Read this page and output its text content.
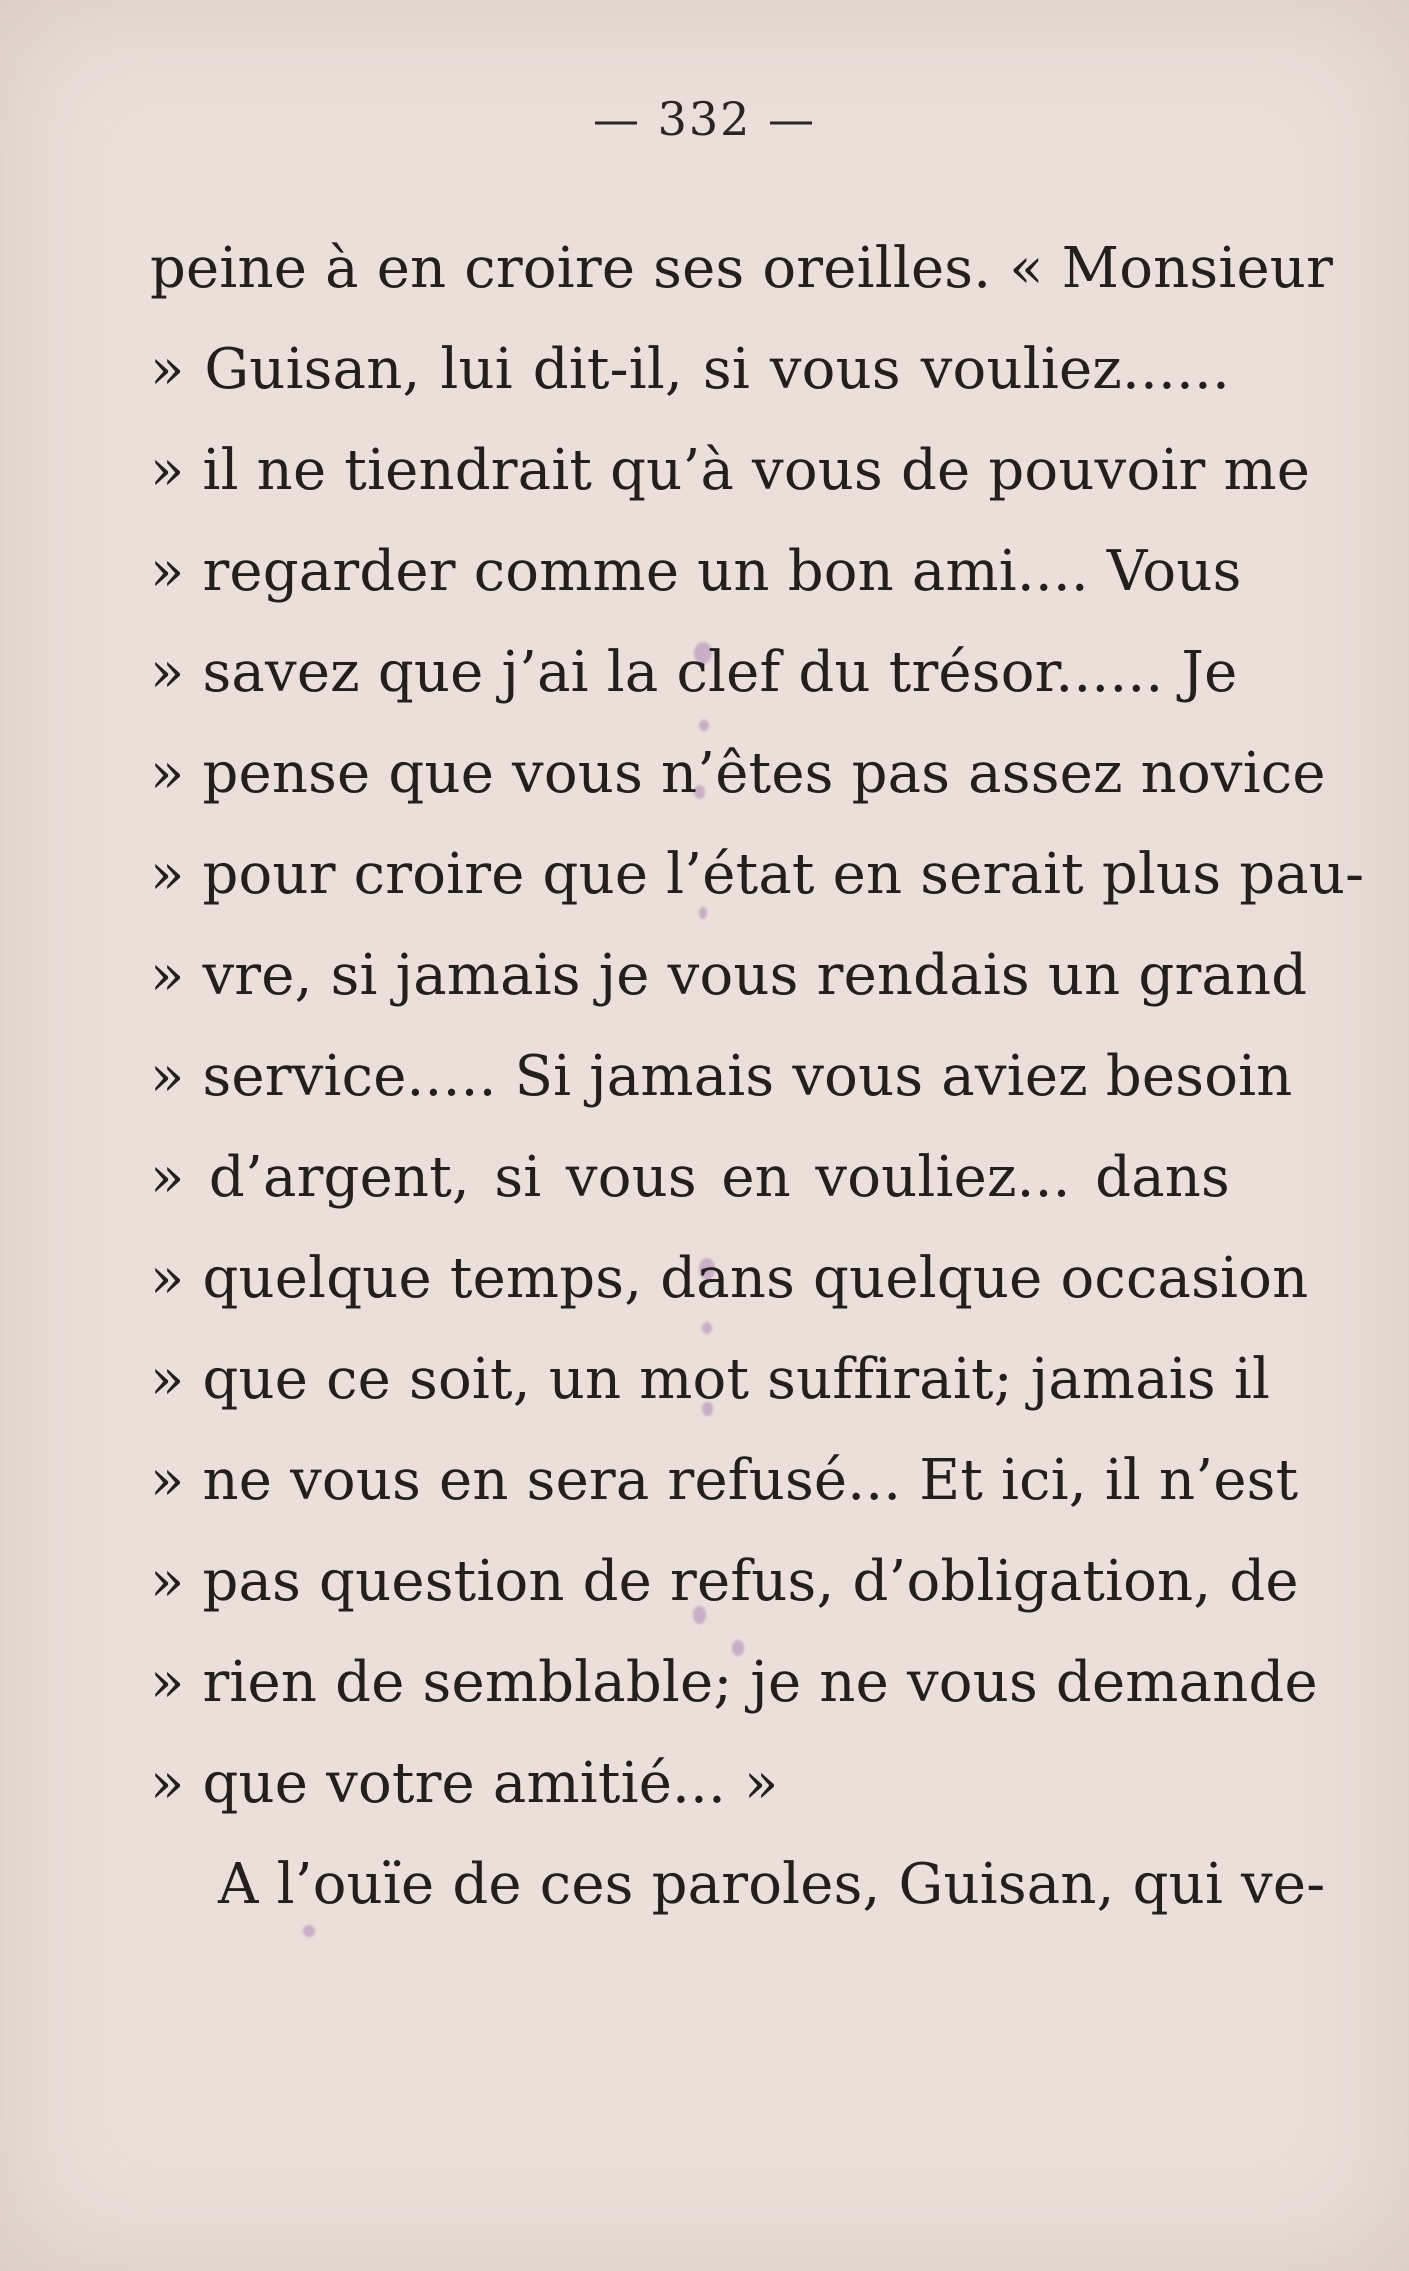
— 332 —
peine à en croire ses oreilles. « Monsieur
» Guisan, lui dit-il, si vous vouliez......
» il ne tiendrait qu’à vous de pouvoir me
» regarder comme un bon ami.... Vous
» savez que j’ai la clef du trésor...... Je
» pense que vous n’êtes pas assez novice
» pour croire que l’état en serait plus pau-
» vre, si jamais je vous rendais un grand
» service..... Si jamais vous aviez besoin
» d’argent, si vous en vouliez... dans
» quelque temps, dans quelque occasion
» que ce soit, un mot suffirait; jamais il
» ne vous en sera refusé... Et ici, il n’est
» pas question de refus, d’obligation, de
» rien de semblable; je ne vous demande
» que votre amitié... »
A l’ouïe de ces paroles, Guisan, qui ve-
